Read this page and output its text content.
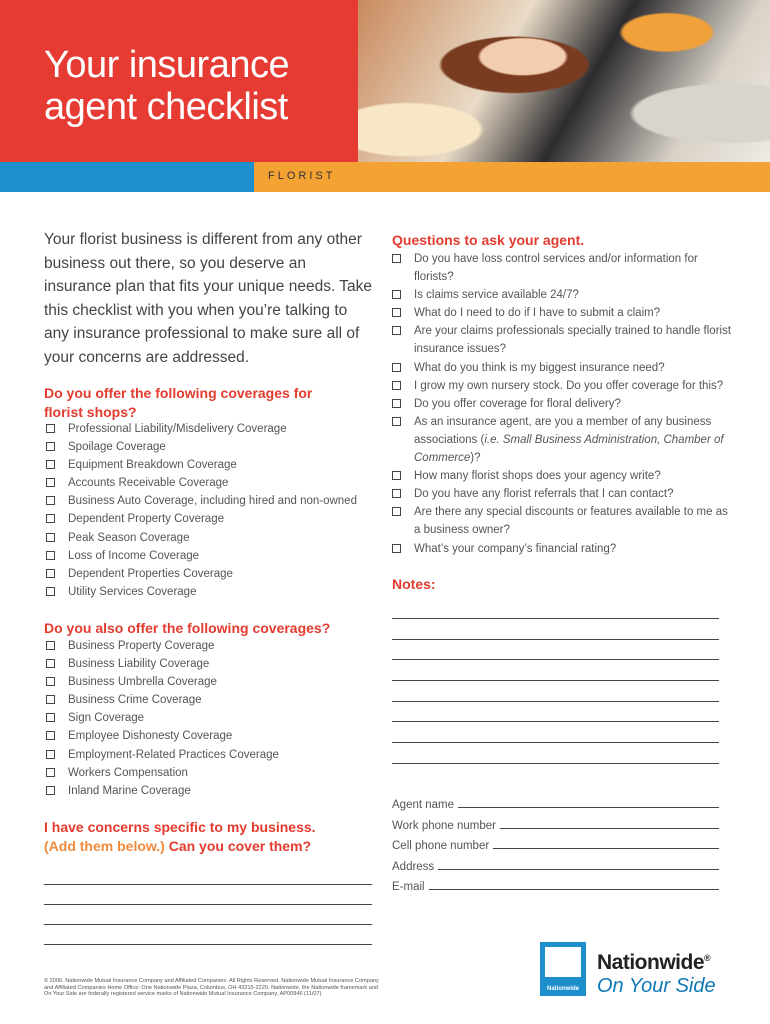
Your insurance
agent checklist
FLORIST

Your florist business is different from any other business out there, so you deserve an insurance plan that fits your unique needs. Take this checklist with you when you’re talking to any insurance professional to make sure all of your concerns are addressed.

Do you offer the following coverages for florist shops?
Professional Liability/Misdelivery Coverage
Spoilage Coverage
Equipment Breakdown Coverage
Accounts Receivable Coverage
Business Auto Coverage, including hired and non-owned
Dependent Property Coverage
Peak Season Coverage
Loss of Income Coverage
Dependent Properties Coverage
Utility Services Coverage
Do you also offer the following coverages?
Business Property Coverage
Business Liability Coverage
Business Umbrella Coverage
Business Crime Coverage
Sign Coverage
Employee Dishonesty Coverage
Employment-Related Practices Coverage
Workers Compensation
Inland Marine Coverage
I have concerns specific to my business.
(Add them below.) Can you cover them?

© 2006. Nationwide Mutual Insurance Company and Affiliated Companies. All Rights Reserved. Nationwide Mutual Insurance Company and Affiliated Companies Home Office: One Nationwide Plaza, Columbus, OH 43215-2220. Nationwide, the Nationwide framemark and On Your Side are federally registered service marks of Nationwide Mutual Insurance Company. AP00946 (11/07)

Questions to ask your agent.
Do you have loss control services and/or information for florists?
Is claims service available 24/7?
What do I need to do if I have to submit a claim?
Are your claims professionals specially trained to handle florist insurance issues?
What do you think is my biggest insurance need?
I grow my own nursery stock. Do you offer coverage for this?
Do you offer coverage for floral delivery?
As an insurance agent, are you a member of any business associations (i.e. Small Business Administration, Chamber of Commerce)?
How many florist shops does your agency write?
Do you have any florist referrals that I can contact?
Are there any special discounts or features available to me as a business owner?
What’s your company’s financial rating?
Notes:
Agent name
Work phone number
Cell phone number
Address
E-mail
Nationwide
Nationwide®
On Your Side
